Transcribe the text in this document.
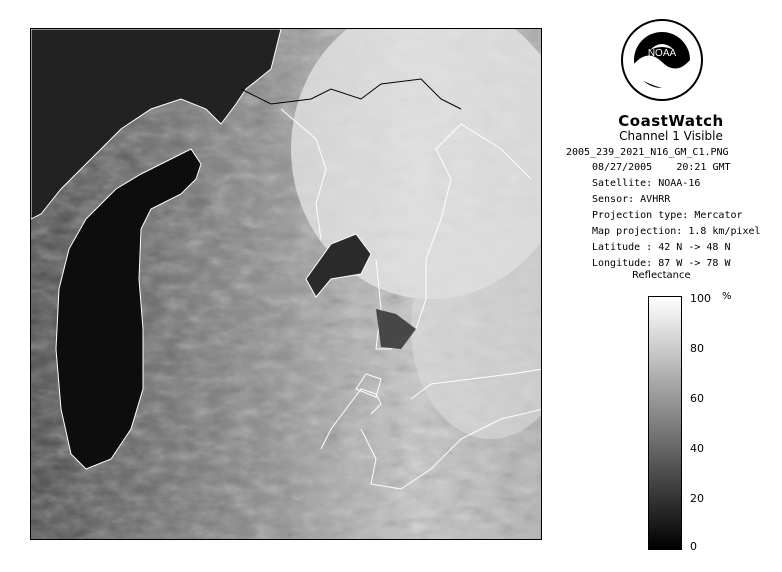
NOAA
CoastWatch
Channel 1 Visible
2005_239_2021_N16_GM_C1.PNG
08/27/2005 20:21 GMT
Satellite: NOAA-16
Sensor: AVHRR
Projection type: Mercator
Map projection: 1.8 km/pixel
Latitude : 42 N -> 48 N
Longitude: 87 W -> 78 W
Reflectance
%
100
80
60
40
20
0
